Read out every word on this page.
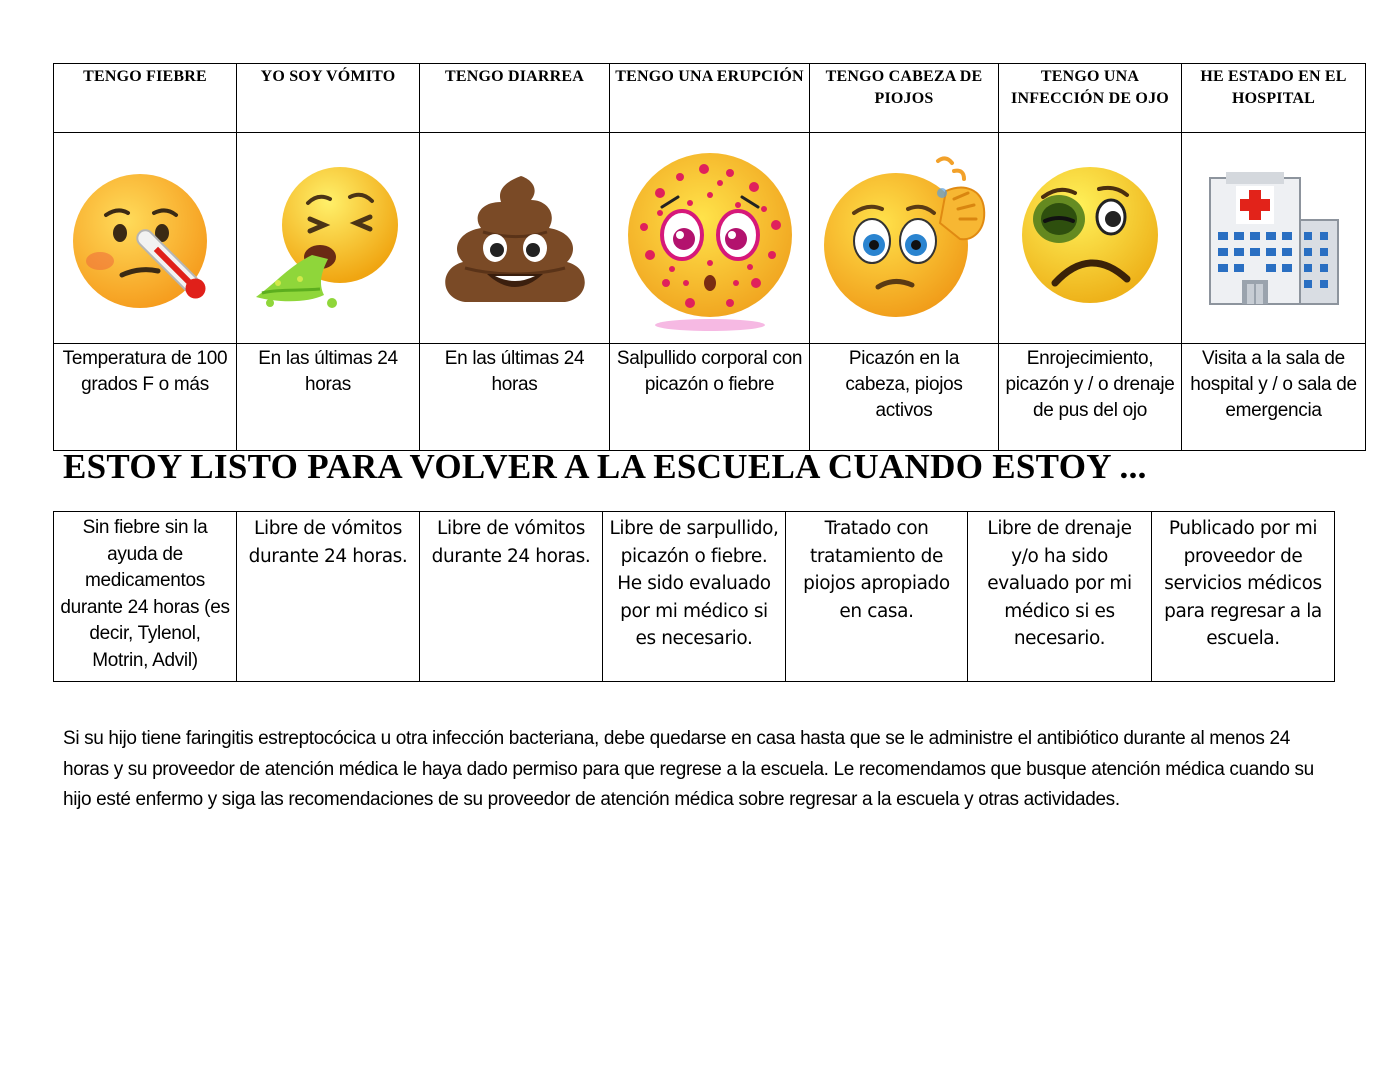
TENGO FIEBRE	YO SOY VÓMITO	TENGO DIARREA	TENGO UNA ERUPCIÓN	TENGO CABEZA DE PIOJOS	TENGO UNA INFECCIÓN DE OJO	HE ESTADO EN EL HOSPITAL

Temperatura de 100 grados F o más	En las últimas 24 horas	En las últimas 24 horas	Salpullido corporal con picazón o fiebre	Picazón en la cabeza, piojos activos	Enrojecimiento, picazón y / o drenaje de pus del ojo	Visita a la sala de hospital y / o sala de emergencia
ESTOY LISTO PARA VOLVER A LA ESCUELA CUANDO ESTOY ...
Sin fiebre sin la ayuda de medicamentos durante 24 horas (es decir, Tylenol, Motrin, Advil)	Libre de vómitos durante 24 horas.	Libre de vómitos durante 24 horas.	Libre de sarpullido, picazón o fiebre. He sido evaluado por mi médico si es necesario.	Tratado con tratamiento de piojos apropiado en casa.	Libre de drenaje y/o ha sido evaluado por mi médico si es necesario.	Publicado por mi proveedor de servicios médicos para regresar a la escuela.

Si su hijo tiene faringitis estreptocócica u otra infección bacteriana, debe quedarse en casa hasta que se le administre el antibiótico durante al menos 24 horas y su proveedor de atención médica le haya dado permiso para que regrese a la escuela. Le recomendamos que busque atención médica cuando su hijo esté enfermo y siga las recomendaciones de su proveedor de atención médica sobre regresar a la escuela y otras actividades.
